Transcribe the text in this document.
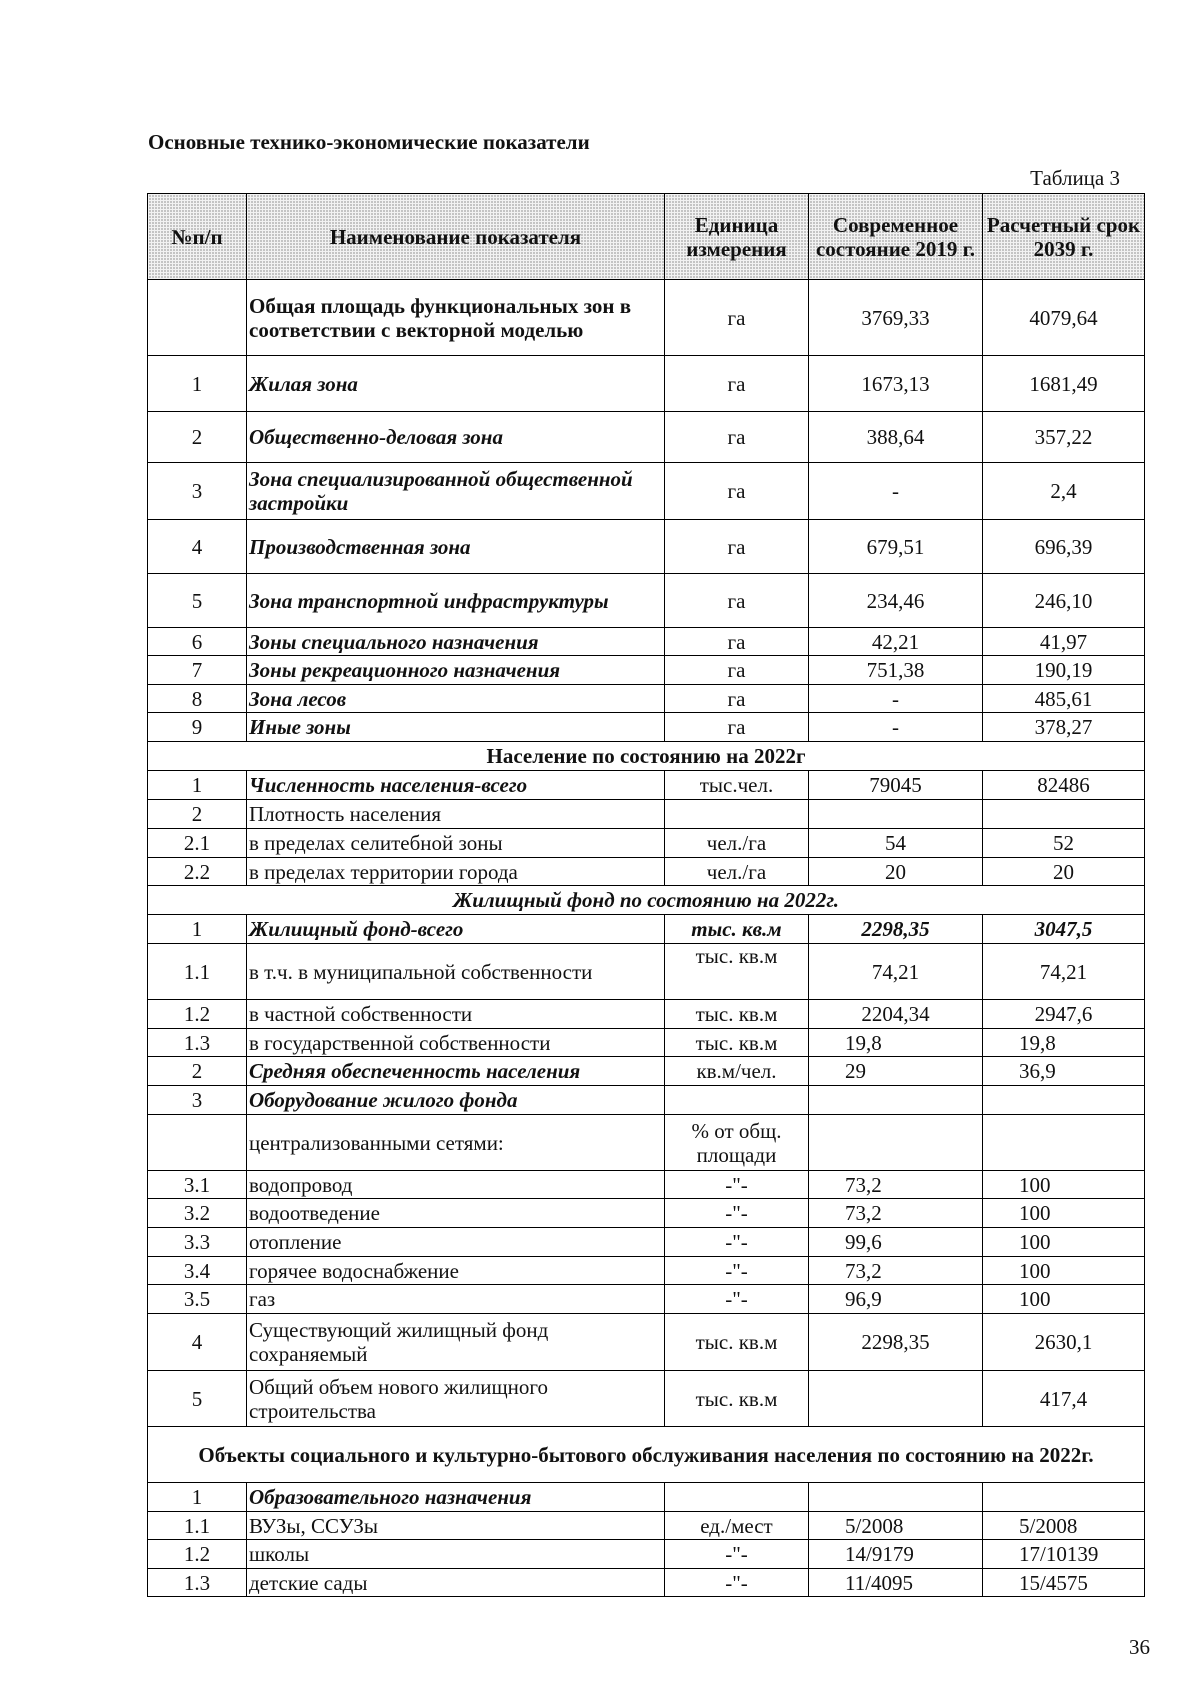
Основные технико-экономические показатели
Таблица 3
№п/п	Наименование показателя	Единица измерения	Современное состояние 2019 г.	Расчетный срок 2039 г.
	Общая площадь функциональных зон в соответствии с векторной моделью	га	3769,33	4079,64
1	Жилая зона	га	1673,13	1681,49
2	Общественно-деловая зона	га	388,64	357,22
3	Зона специализированной общественной застройки	га	-	2,4
4	Производственная зона	га	679,51	696,39
5	Зона транспортной инфраструктуры	га	234,46	246,10
6	Зоны специального назначения	га	42,21	41,97
7	Зоны рекреационного назначения	га	751,38	190,19
8	Зона лесов	га	-	485,61
9	Иные зоны	га	-	378,27
Население по состоянию на 2022г				
1	Численность населения-всего	тыс.чел.	79045	82486
2	Плотность населения			
2.1	в пределах селитебной зоны	чел./га	54	52
2.2	в пределах территории города	чел./га	20	20
Жилищный фонд по состоянию на 2022г.				
1	Жилищный фонд-всего	тыс. кв.м	2298,35	3047,5
1.1	в т.ч. в муниципальной собственности	тыс. кв.м	74,21	74,21
1.2	в частной собственности	тыс. кв.м	2204,34	2947,6
1.3	в государственной собственности	тыс. кв.м	19,8	19,8
2	Средняя обеспеченность населения	кв.м/чел.	29	36,9
3	Оборудование жилого фонда			
	централизованными сетями:	% от общ. площади		
3.1	водопровод	-"-	73,2	100
3.2	водоотведение	-"-	73,2	100
3.3	отопление	-"-	99,6	100
3.4	горячее водоснабжение	-"-	73,2	100
3.5	газ	-"-	96,9	100
4	Существующий жилищный фонд сохраняемый	тыс. кв.м	2298,35	2630,1
5	Общий объем нового жилищного строительства	тыс. кв.м		417,4
Объекты социального и культурно-бытового обслуживания населения по состоянию на 2022г.				
1	Образовательного назначения			
1.1	ВУЗы, ССУЗы	ед./мест	5/2008	5/2008
1.2	школы	-"-	14/9179	17/10139
1.3	детские сады	-"-	11/4095	15/4575
36
